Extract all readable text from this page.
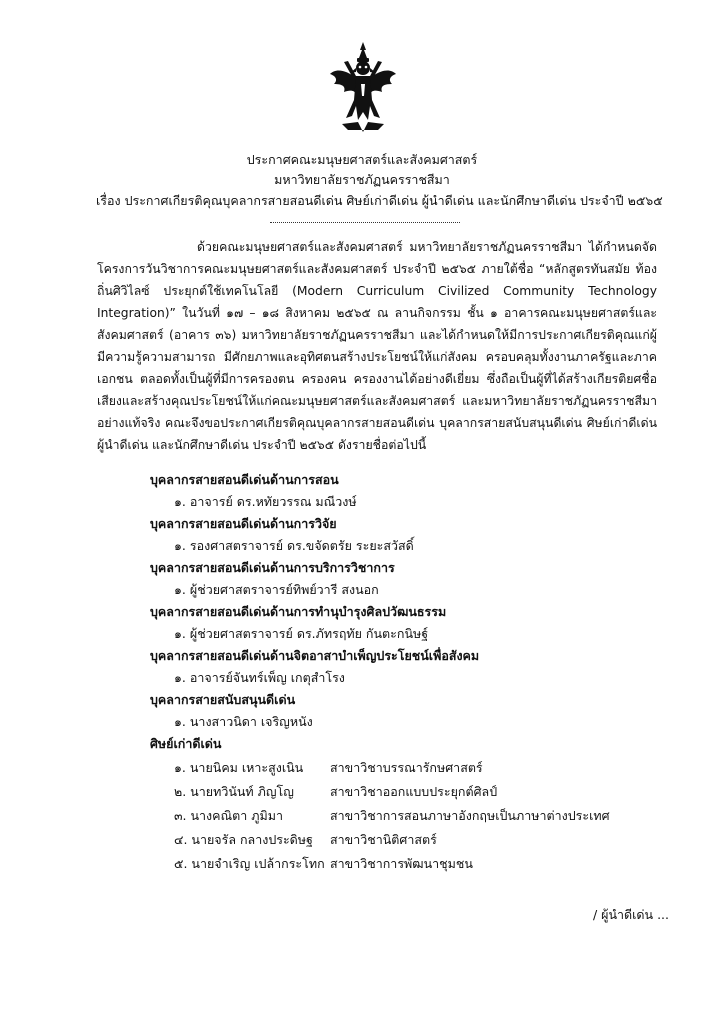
ประกาศคณะมนุษยศาสตร์และสังคมศาสตร์
มหาวิทยาลัยราชภัฏนครราชสีมา
เรื่อง ประกาศเกียรติคุณบุคลากรสายสอนดีเด่น ศิษย์เก่าดีเด่น ผู้นำดีเด่น และนักศึกษาดีเด่น ประจำปี ๒๕๖๕
ด้วยคณะมนุษยศาสตร์และสังคมศาสตร์ มหาวิทยาลัยราชภัฏนครราชสีมา ได้กำหนดจัดโครงการวันวิชาการคณะมนุษยศาสตร์และสังคมศาสตร์ ประจำปี ๒๕๖๕ ภายใต้ชื่อ “หลักสูตรทันสมัย ท้องถิ่นศิวิไลซ์ ประยุกต์ใช้เทคโนโลยี (Modern Curriculum Civilized Community Technology Integration)” ในวันที่ ๑๗ – ๑๘ สิงหาคม ๒๕๖๕ ณ ลานกิจกรรม ชั้น ๑ อาคารคณะมนุษยศาสตร์และสังคมศาสตร์ (อาคาร ๓๖) มหาวิทยาลัยราชภัฏนครราชสีมา และได้กำหนดให้มีการประกาศเกียรติคุณแก่ผู้มีความรู้ความสามารถ มีศักยภาพและอุทิศตนสร้างประโยชน์ให้แก่สังคม ครอบคลุมทั้งงานภาครัฐและภาคเอกชน ตลอดทั้งเป็นผู้ที่มีการครองตน ครองคน ครองงานได้อย่างดีเยี่ยม ซึ่งถือเป็นผู้ที่ได้สร้างเกียรติยศชื่อเสียงและสร้างคุณประโยชน์ให้แก่คณะมนุษยศาสตร์และสังคมศาสตร์ และมหาวิทยาลัยราชภัฏนครราชสีมาอย่างแท้จริง คณะจึงขอประกาศเกียรติคุณบุคลากรสายสอนดีเด่น บุคลากรสายสนับสนุนดีเด่น ศิษย์เก่าดีเด่น ผู้นำดีเด่น และนักศึกษาดีเด่น ประจำปี ๒๕๖๕ ดังรายชื่อต่อไปนี้
บุคลากรสายสอนดีเด่นด้านการสอน
๑. อาจารย์ ดร.หทัยวรรณ มณีวงษ์
บุคลากรสายสอนดีเด่นด้านการวิจัย
๑. รองศาสตราจารย์ ดร.ขจัดตรัย ระยะสวัสดิ์
บุคลากรสายสอนดีเด่นด้านการบริการวิชาการ
๑. ผู้ช่วยศาสตราจารย์ทิพย์วารี สงนอก
บุคลากรสายสอนดีเด่นด้านการทำนุบำรุงศิลปวัฒนธรรม
๑. ผู้ช่วยศาสตราจารย์ ดร.ภัทรฤทัย กันตะกนิษฐ์
บุคลากรสายสอนดีเด่นด้านจิตอาสาบำเพ็ญประโยชน์เพื่อสังคม
๑. อาจารย์จันทร์เพ็ญ เกตุสำโรง
บุคลากรสายสนับสนุนดีเด่น
๑. นางสาวนิดา เจริญหนัง
ศิษย์เก่าดีเด่น
๑. นายนิคม เหาะสูงเนิน สาขาวิชาบรรณารักษศาสตร์
๒. นายทวินันท์ ภิญโญ	สาขาวิชาออกแบบประยุกต์ศิลป์
๓. นางคณิตา ภูมิมา	สาขาวิชาการสอนภาษาอังกฤษเป็นภาษาต่างประเทศ
๔. นายจรัล กลางประดิษฐ สาขาวิชานิติศาสตร์
๕. นายจำเริญ เปล้ากระโทก สาขาวิชาการพัฒนาชุมชน
/ ผู้นำดีเด่น ...
